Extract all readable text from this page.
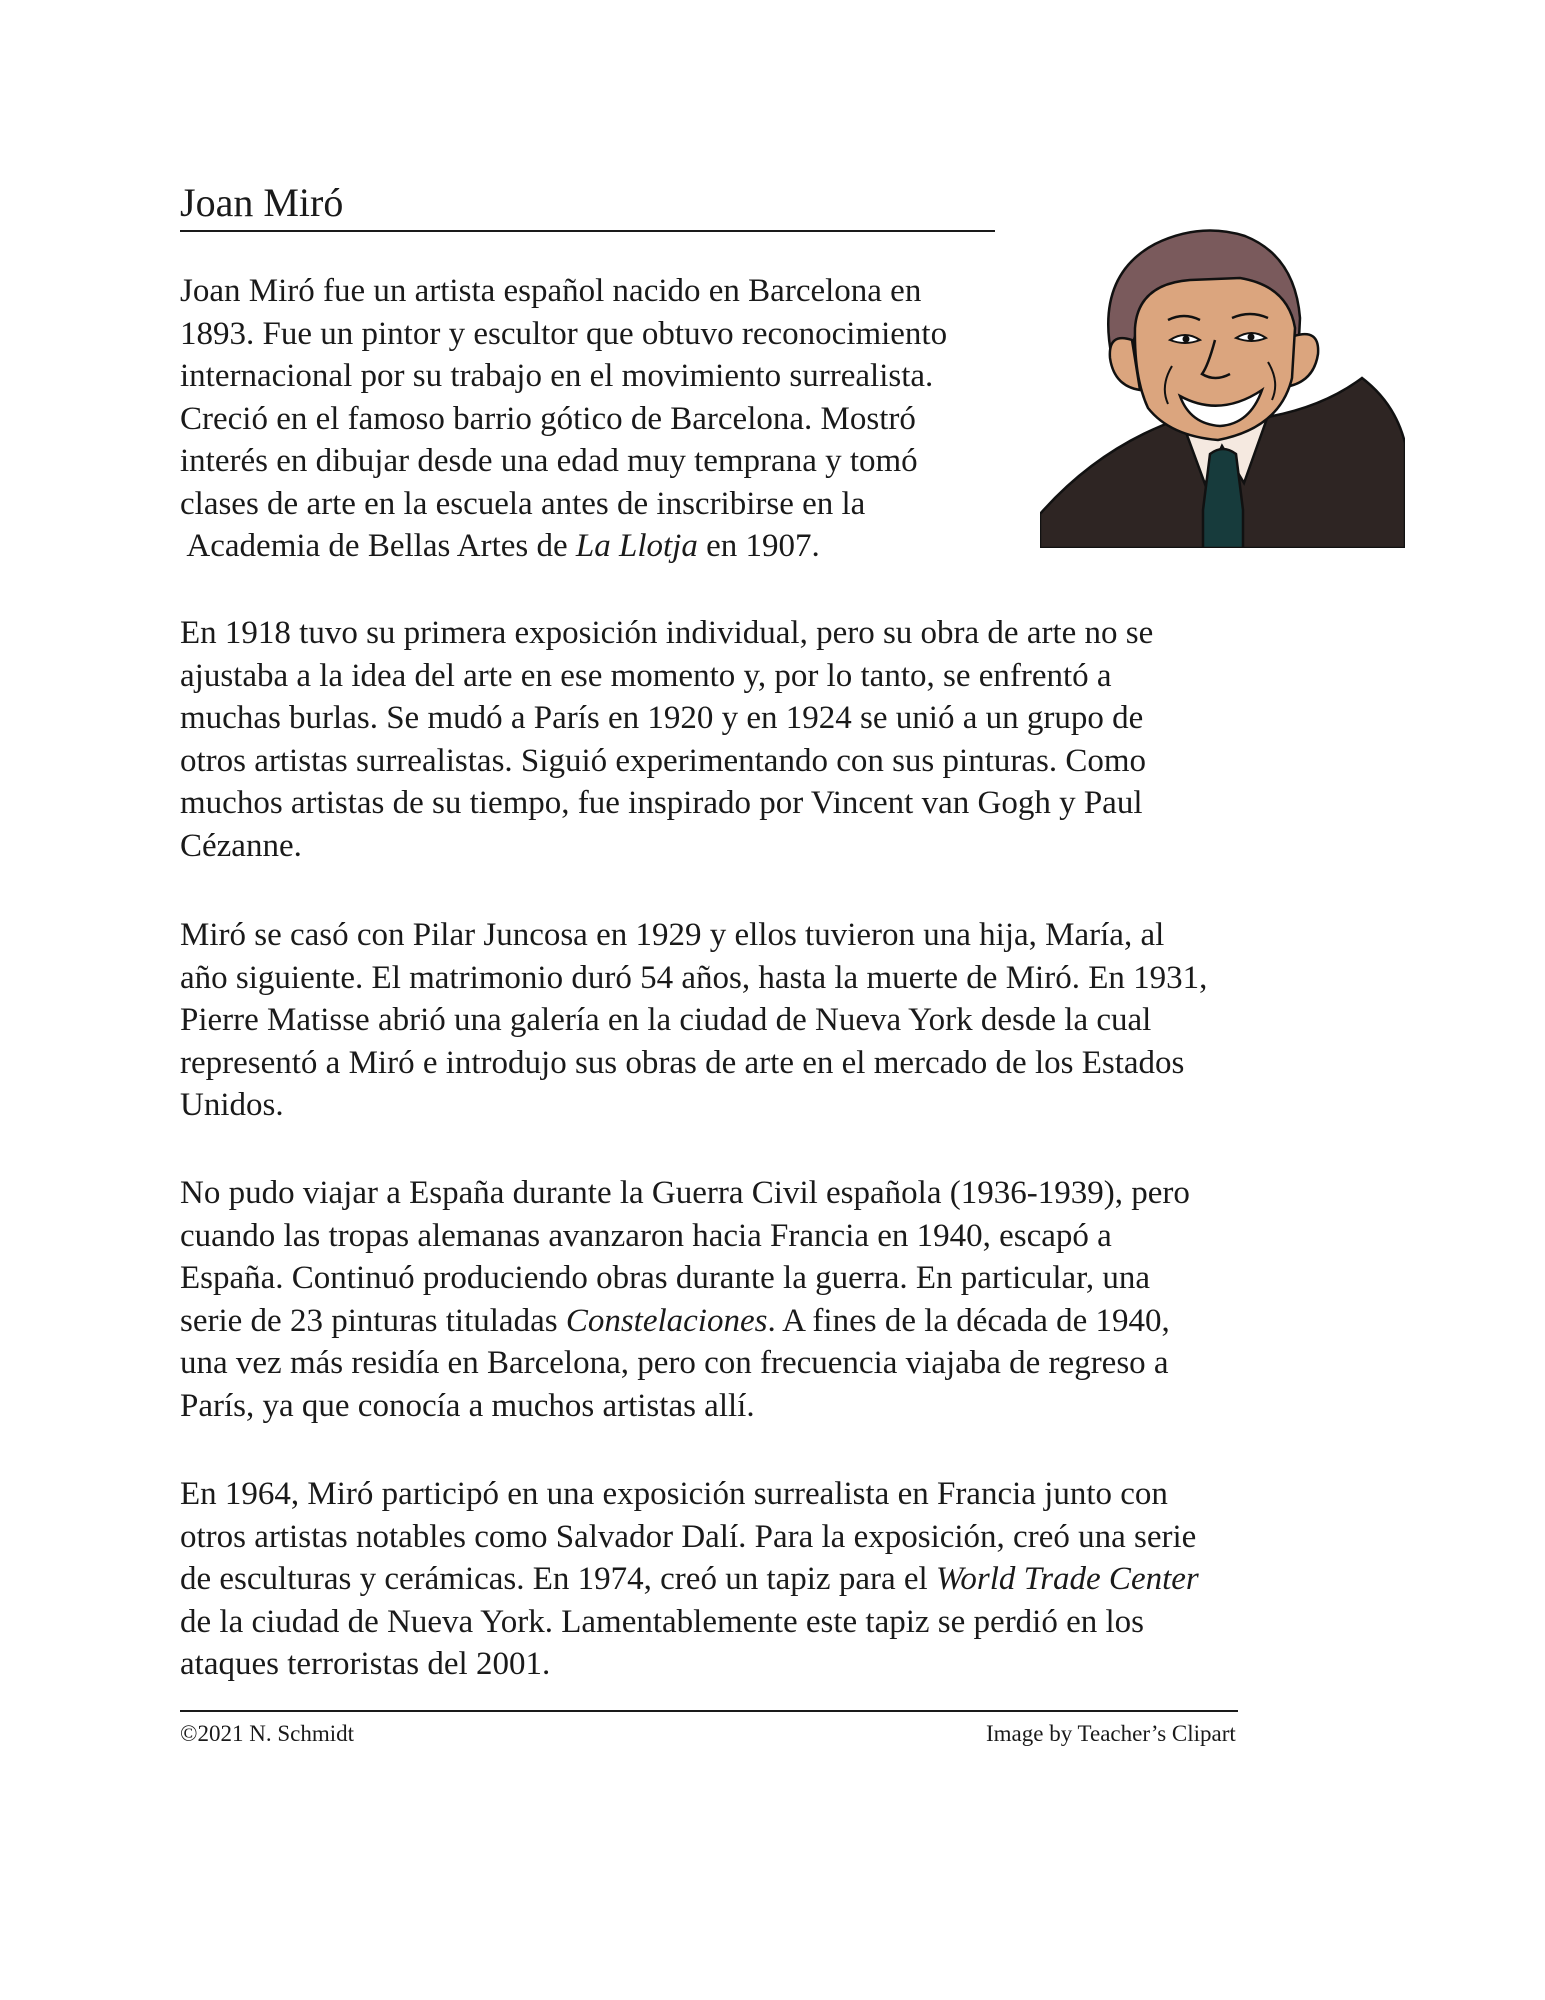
Joan Miró

Joan Miró fue un artista español nacido en Barcelona en
1893. Fue un pintor y escultor que obtuvo reconocimiento
internacional por su trabajo en el movimiento surrealista.
Creció en el famoso barrio gótico de Barcelona. Mostró
interés en dibujar desde una edad muy temprana y tomó
clases de arte en la escuela antes de inscribirse en la
Academia de Bellas Artes de La Llotja en 1907.

En 1918 tuvo su primera exposición individual, pero su obra de arte no se
ajustaba a la idea del arte en ese momento y, por lo tanto, se enfrentó a
muchas burlas. Se mudó a París en 1920 y en 1924 se unió a un grupo de
otros artistas surrealistas. Siguió experimentando con sus pinturas. Como
muchos artistas de su tiempo, fue inspirado por Vincent van Gogh y Paul
Cézanne.

Miró se casó con Pilar Juncosa en 1929 y ellos tuvieron una hija, María, al
año siguiente. El matrimonio duró 54 años, hasta la muerte de Miró. En 1931,
Pierre Matisse abrió una galería en la ciudad de Nueva York desde la cual
representó a Miró e introdujo sus obras de arte en el mercado de los Estados
Unidos.

No pudo viajar a España durante la Guerra Civil española (1936-1939), pero
cuando las tropas alemanas avanzaron hacia Francia en 1940, escapó a
España. Continuó produciendo obras durante la guerra. En particular, una
serie de 23 pinturas tituladas Constelaciones. A fines de la década de 1940,
una vez más residía en Barcelona, pero con frecuencia viajaba de regreso a
París, ya que conocía a muchos artistas allí.

En 1964, Miró participó en una exposición surrealista en Francia junto con
otros artistas notables como Salvador Dalí. Para la exposición, creó una serie
de esculturas y cerámicas. En 1974, creó un tapiz para el World Trade Center
de la ciudad de Nueva York. Lamentablemente este tapiz se perdió en los
ataques terroristas del 2001.

©2021 N. Schmidt	Image by Teacher’s Clipart
